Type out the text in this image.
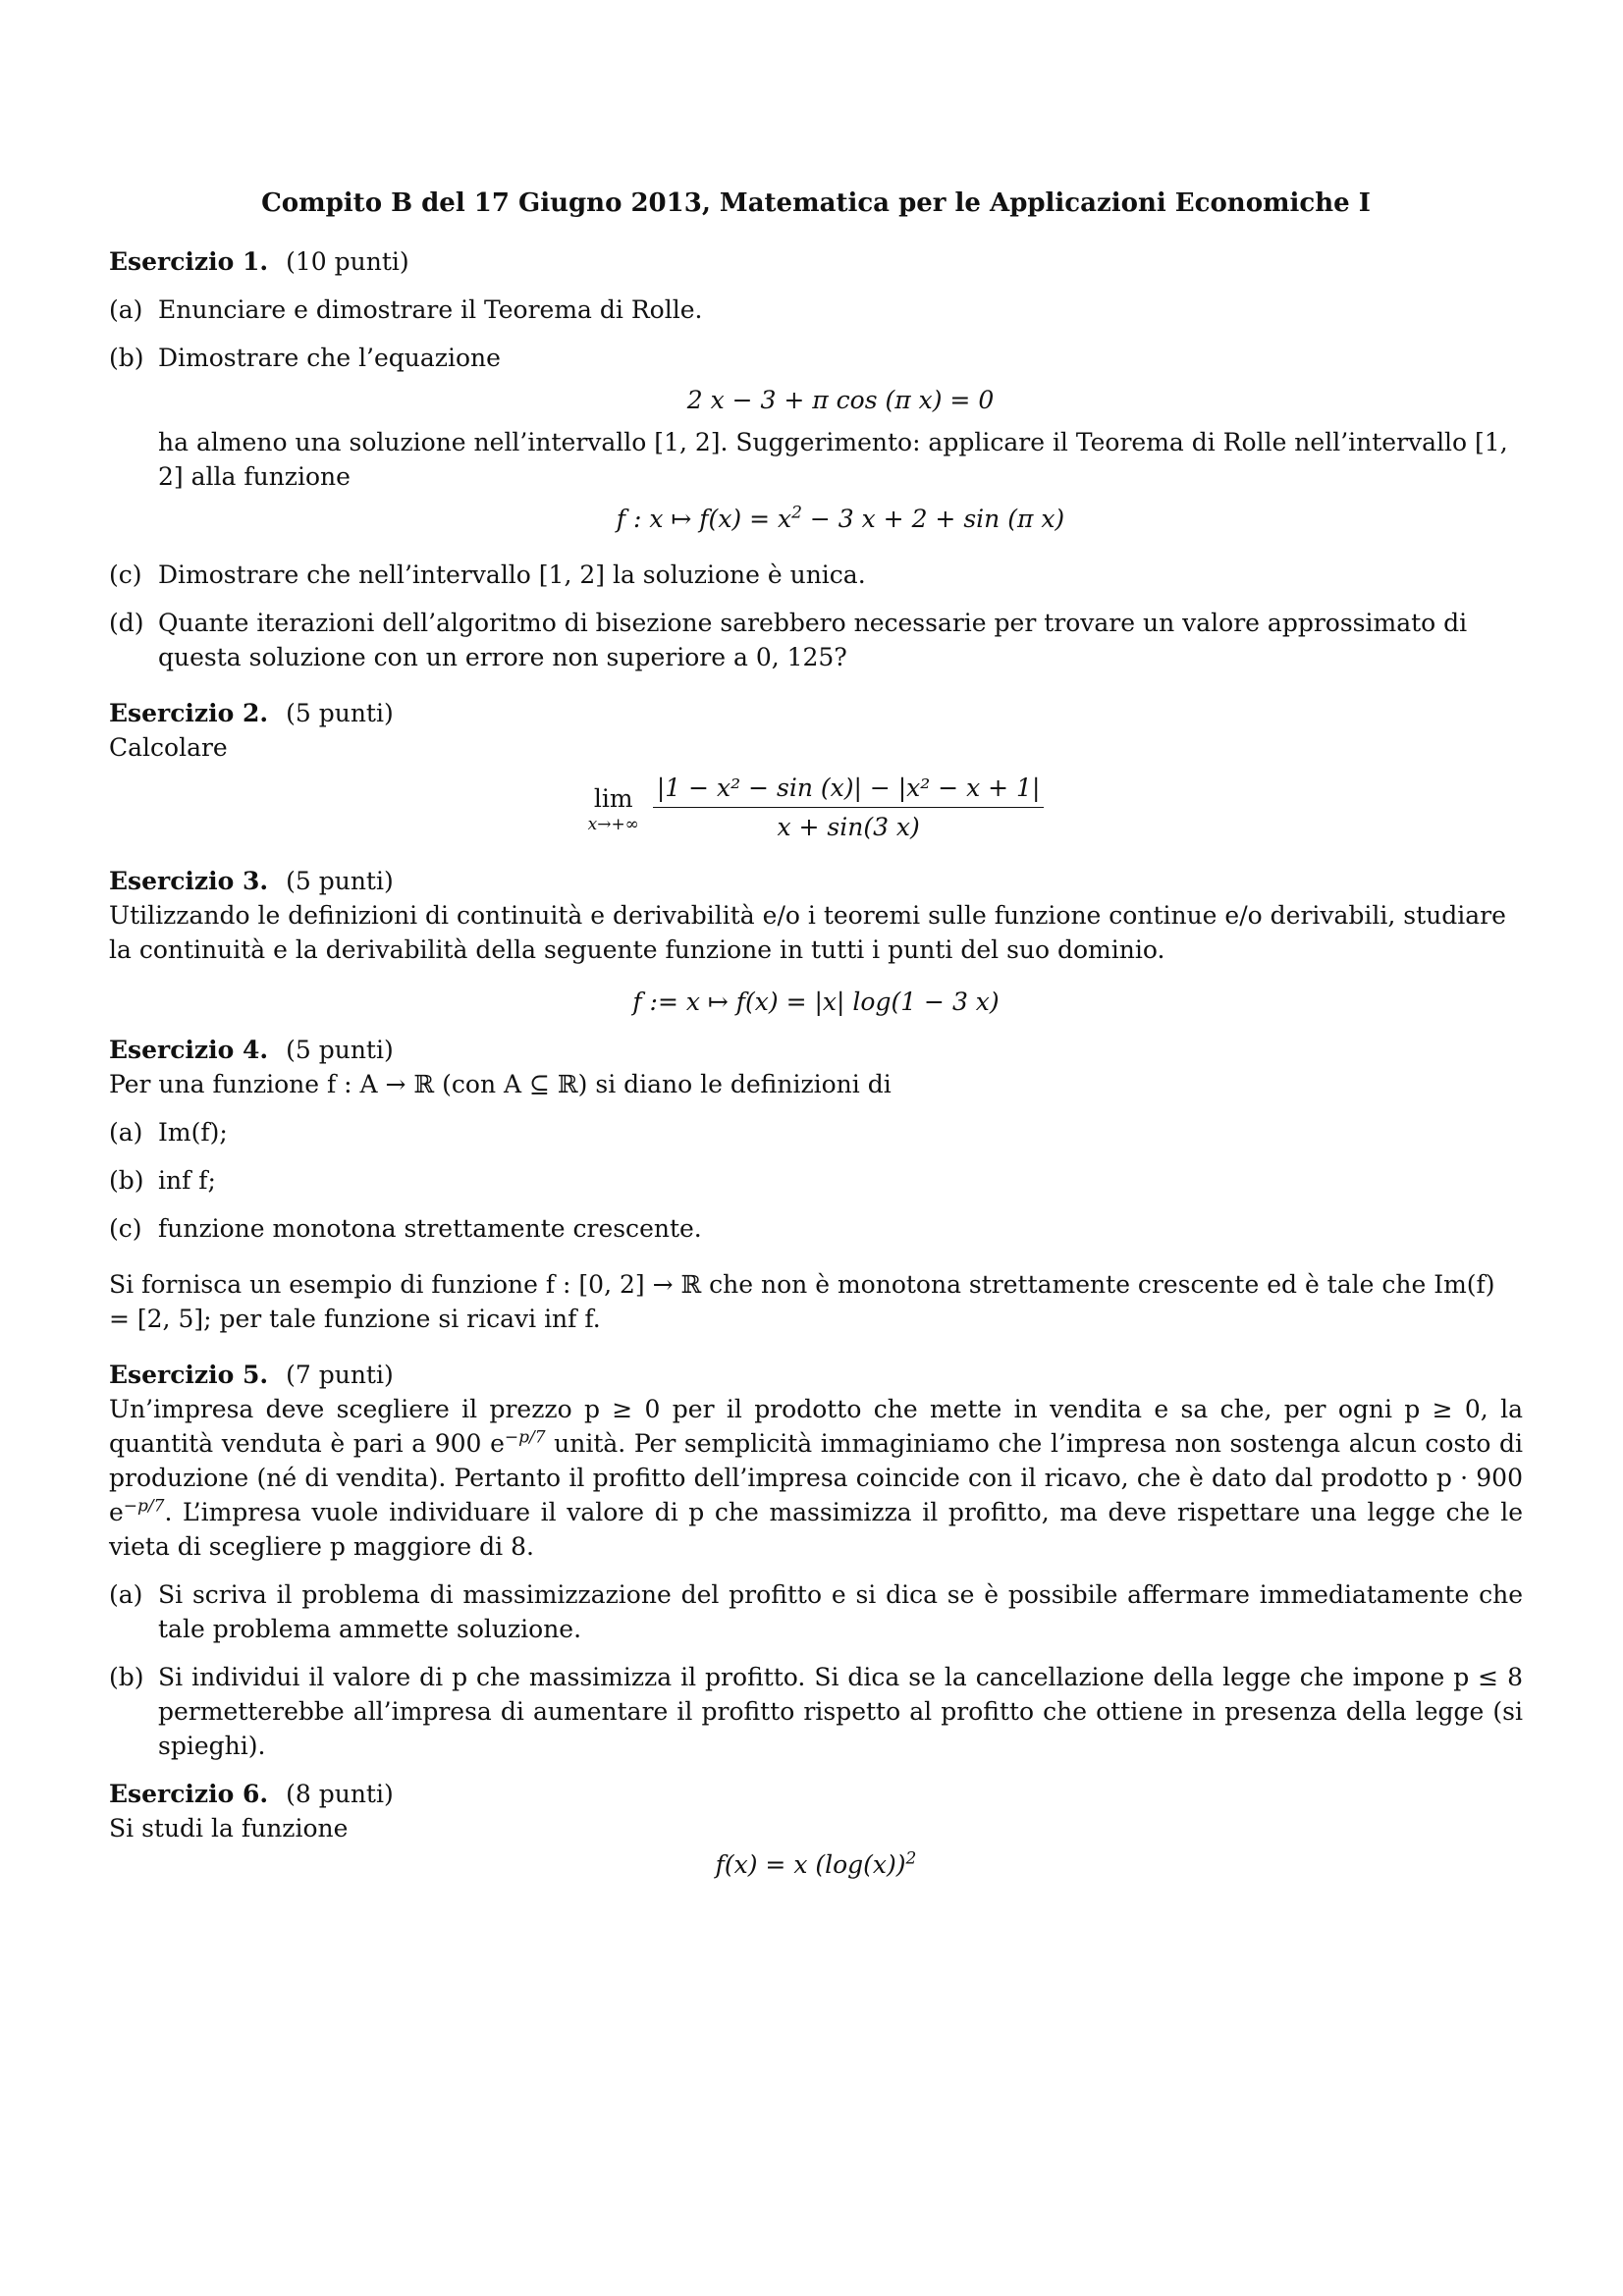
Compito B del 17 Giugno 2013, Matematica per le Applicazioni Economiche I
Esercizio 1. (10 punti)
(a) Enunciare e dimostrare il Teorema di Rolle.
(b) Dimostrare che l’equazione
2 x − 3 + π cos (π x) = 0
ha almeno una soluzione nell’intervallo [1, 2]. Suggerimento: applicare il Teorema di Rolle nell’intervallo [1, 2] alla funzione
f : x ↦ $f(x) = x^2 - 3$ x + 2 + sin (π x)
(c) Dimostrare che nell’intervallo [1, 2] la soluzione è unica.
(d) Quante iterazioni dell’algoritmo di bisezione sarebbero necessarie per trovare un valore approssimato di questa soluzione con un errore non superiore a 0, 125?
Esercizio 2. (5 punti)
Calcolare
lim
$x\to+\infty \frac{\text{|1 − x² − sin (x)| − |x² − x + 1|}}{x + \sin(3 x)}$
Esercizio 3. (5 punti)
Utilizzando le definizioni di continuità e derivabilità e/o i teoremi sulle funzione continue e/o derivabili, studiare la continuità e la derivabilità della seguente funzione in tutti i punti del suo dominio.
f := x ↦ f(x) = |x| log(1 − 3 x)
Esercizio 4. (5 punti)
Per una funzione f : A → ℝ (con A ⊆ ℝ) si diano le definizioni di
(a) Im(f);
(b) inf f;
(c) funzione monotona strettamente crescente.
Si fornisca un esempio di funzione f : [0, 2] → ℝ che non è monotona strettamente crescente ed è tale che Im(f) = [2, 5]; per tale funzione si ricavi inf f.
Esercizio 5. (7 punti)
Un’impresa deve scegliere il prezzo p ≥ 0 per il prodotto che mette in vendita e sa che, per ogni p ≥ 0, la quantità venduta è pari a 900 $e^{-p/7}$ unità. Per semplicità immaginiamo che l’impresa non sostenga alcun costo di produzione (né di vendita). Pertanto il profitto dell’impresa coincide con il ricavo, che è dato dal prodotto p · 900 $e^{-p/7}$. L’impresa vuole individuare il valore di p che massimizza il profitto, ma deve rispettare una legge che le vieta di scegliere p maggiore di 8.
(a) Si scriva il problema di massimizzazione del profitto e si dica se è possibile affermare immediatamente che tale problema ammette soluzione.
(b) Si individui il valore di p che massimizza il profitto. Si dica se la cancellazione della legge che impone p ≤ 8 permetterebbe all’impresa di aumentare il profitto rispetto al profitto che ottiene in presenza della legge (si spieghi).
Esercizio 6. (8 punti)
Si studi la funzione
f(x) = x $(\log(x))^2$
